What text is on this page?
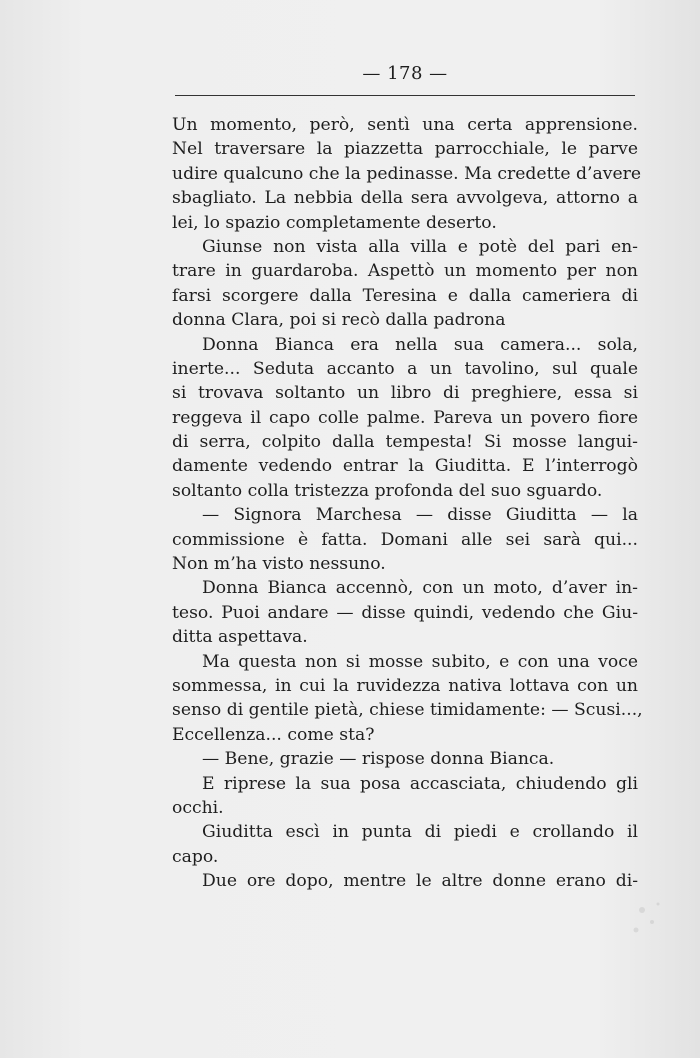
— 178 —
Un momento, però, sentì una certa apprensione.
Nel traversare la piazzetta parrocchiale, le parve
udire qualcuno che la pedinasse. Ma credette d’avere
sbagliato. La nebbia della sera avvolgeva, attorno a
lei, lo spazio completamente deserto.
Giunse non vista alla villa e potè del pari en-
trare in guardaroba. Aspettò un momento per non
farsi scorgere dalla Teresina e dalla cameriera di
donna Clara, poi si recò dalla padrona
Donna Bianca era nella sua camera... sola,
inerte... Seduta accanto a un tavolino, sul quale
si trovava soltanto un libro di preghiere, essa si
reggeva il capo colle palme. Pareva un povero fiore
di serra, colpito dalla tempesta! Si mosse langui-
damente vedendo entrar la Giuditta. E l’interrogò
soltanto colla tristezza profonda del suo sguardo.
— Signora Marchesa — disse Giuditta — la
commissione è fatta. Domani alle sei sarà qui...
Non m’ha visto nessuno.
Donna Bianca accennò, con un moto, d’aver in-
teso. Puoi andare — disse quindi, vedendo che Giu-
ditta aspettava.
Ma questa non si mosse subito, e con una voce
sommessa, in cui la ruvidezza nativa lottava con un
senso di gentile pietà, chiese timidamente: — Scusi...,
Eccellenza... come sta?
— Bene, grazie — rispose donna Bianca.
E riprese la sua posa accasciata, chiudendo gli
occhi.
Giuditta escì in punta di piedi e crollando il
capo.
Due ore dopo, mentre le altre donne erano di-
